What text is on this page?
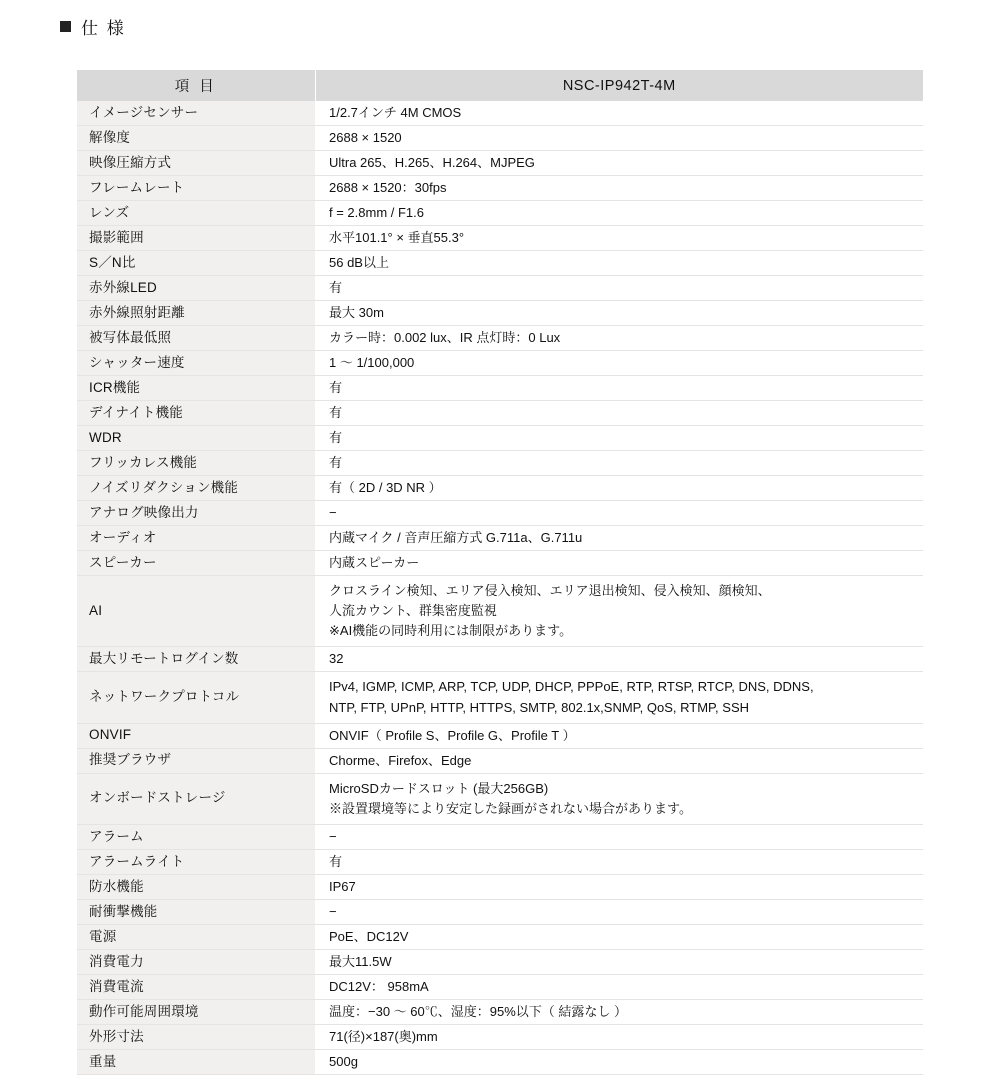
仕 様
項 目	NSC-IP942T-4M
イメージセンサー	1/2.7インチ 4M CMOS

解像度	2688 × 1520

映像圧縮方式	Ultra 265、H.265、H.264、MJPEG

フレームレート	2688 × 1520：30fps

レンズ	f = 2.8mm / F1.6

撮影範囲	水平101.1° × 垂直55.3°

S／N比	56 dB以上

赤外線LED	有

赤外線照射距離	最大 30m

被写体最低照	カラー時：0.002 lux、IR 点灯時：0 Lux

シャッター速度	1 ～ 1/100,000

ICR機能	有

デイナイト機能	有

WDR	有

フリッカレス機能	有

ノイズリダクション機能	有（ 2D / 3D NR ）

アナログ映像出力	−

オーディオ	内蔵マイク / 音声圧縮方式 G.711a、G.711u

スピーカー	内蔵スピーカー

AI	クロスライン検知、エリア侵入検知、エリア退出検知、侵入検知、顔検知、
人流カウント、群集密度監視
※AI機能の同時利用には制限があります。

最大リモートログイン数	32

ネットワークプロトコル	IPv4, IGMP, ICMP, ARP, TCP, UDP, DHCP, PPPoE, RTP, RTSP, RTCP, DNS, DDNS,
NTP, FTP, UPnP, HTTP, HTTPS, SMTP, 802.1x,SNMP, QoS, RTMP, SSH

ONVIF	ONVIF（ Profile S、Profile G、Profile T ）

推奨ブラウザ	Chorme、Firefox、Edge

オンボードストレージ	MicroSDカードスロット (最大256GB)
※設置環境等により安定した録画がされない場合があります。

アラーム	−

アラームライト	有

防水機能	IP67

耐衝撃機能	−

電源	PoE、DC12V

消費電力	最大11.5W

消費電流	DC12V： 958mA

動作可能周囲環境	温度：−30 ～ 60℃、湿度：95%以下（ 結露なし ）

外形寸法	71(径)×187(奥)mm

重量	500g
